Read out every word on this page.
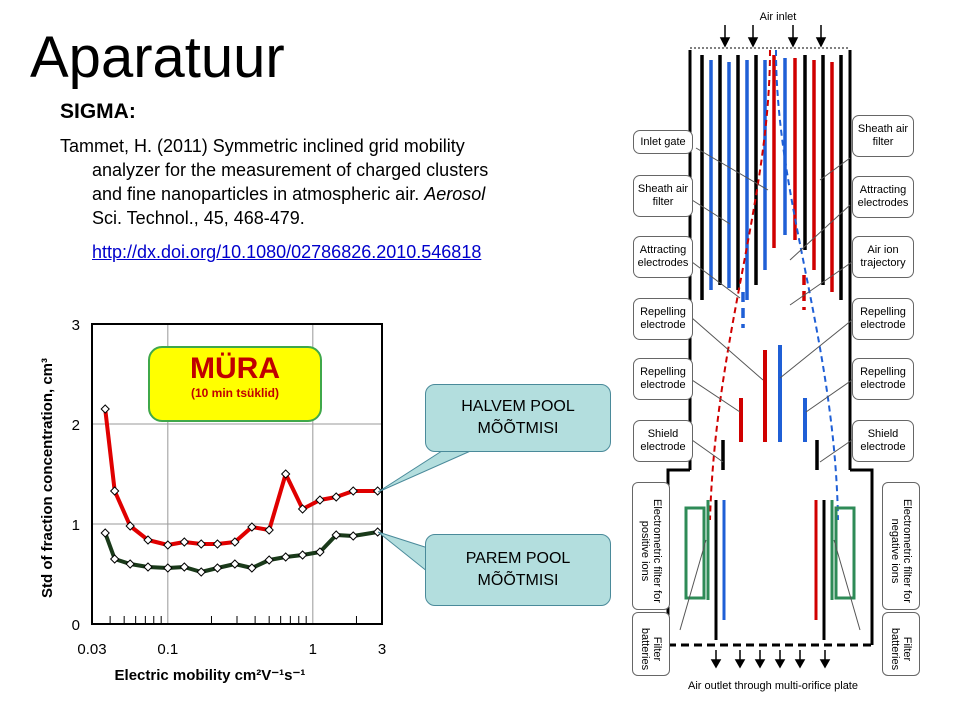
Aparatuur
SIGMA:
Tammet, H. (2011) Symmetric inclined grid mobility
analyzer for the measurement of charged clusters
and fine nanoparticles in atmospheric air. Aerosol
Sci. Technol., 45, 468-479.
http://dx.doi.org/10.1080/02786826.2010.546818
0
1
2
3
0.03	0.1	1	3
Electric mobility cm²V⁻¹s⁻¹
Std of fraction concentration, cm³	MÜRA
(10 min tsüklid)
HALVEM POOL MÕÕTMISI
PAREM POOL MÕÕTMISI
Air inlet
Air outlet through multi-orifice plate
Inlet gate
Sheath air filter
Attracting electrodes
Repelling electrode
Repelling electrode
Shield electrode
Sheath air filter
Attracting electrodes
Air ion trajectory
Repelling electrode
Repelling electrode
Shield electrode
Electrometric filter for positive ions
Filter batteries
Electrometric filter for negative ions
Filter batteries
